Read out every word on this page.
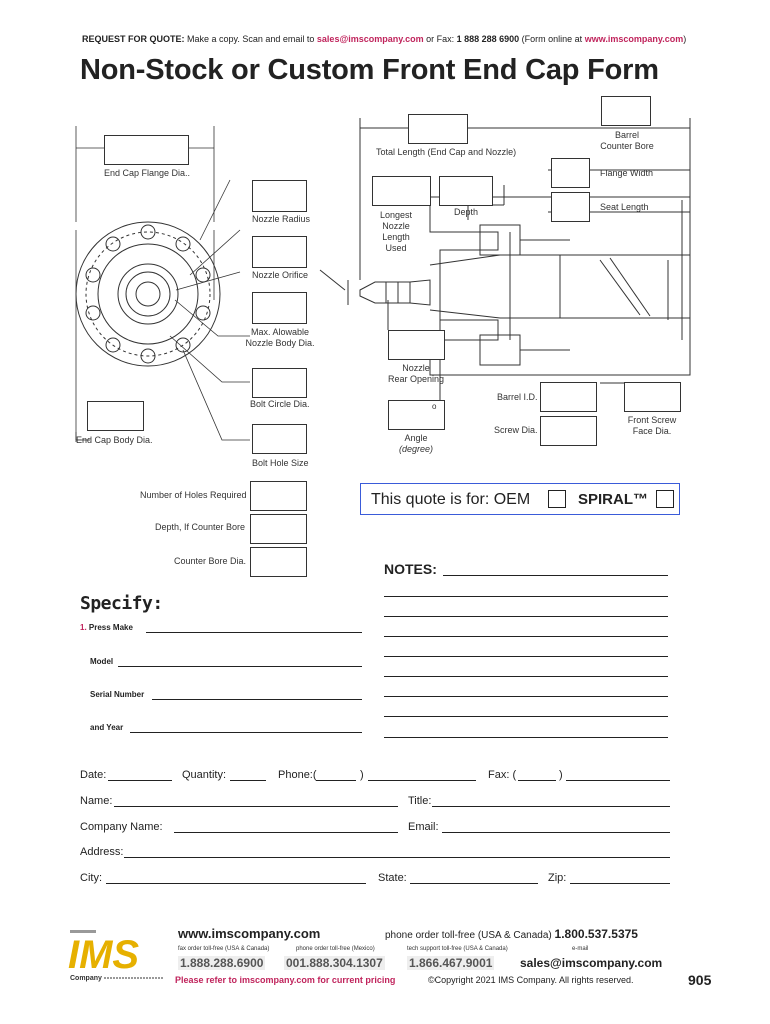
REQUEST FOR QUOTE: Make a copy. Scan and email to sales@imscompany.com or Fax: 1 888 288 6900 (Form online at www.imscompany.com)
Non-Stock or Custom Front End Cap Form
Barrel
Counter Bore
Total Length (End Cap and Nozzle)
End Cap Flange Dia..	Flange Width
Nozzle Radius	Longest
Nozzle
Length
Used
Depth	Seat Length
Nozzle Orifice
Max. Alowable
Nozzle Body Dia.
Nozzle
Rear Opening
Bolt Circle Dia.
Barrel I.D.
Front Screw
Face Dia.
End Cap Body Dia.
o
Screw Dia.
Angle
(degree)
Bolt Hole Size
Number of Holes Required
Depth, If Counter Bore
Counter Bore Dia.
This quote is for: OEM	SPIRAL™
NOTES:
Specify:
1. Press Make
Model
Serial Number
and Year
Date:	Quantity:	Phone:(	)	Fax: (	)
Name:	Title:
Company Name:	Email:
Address:
City:	State:	Zip:
IMS
Company
www.imscompany.com	phone order toll-free (USA & Canada) 1.800.537.5375
fax order toll-free (USA & Canada)	phone order toll-free (Mexico)	tech support toll-free (USA & Canada)	e-mail
1.888.288.6900 001.888.304.1307 1.866.467.9001 sales@imscompany.com
Please refer to imscompany.com for current pricing	©Copyright 2021 IMS Company. All rights reserved.	905
